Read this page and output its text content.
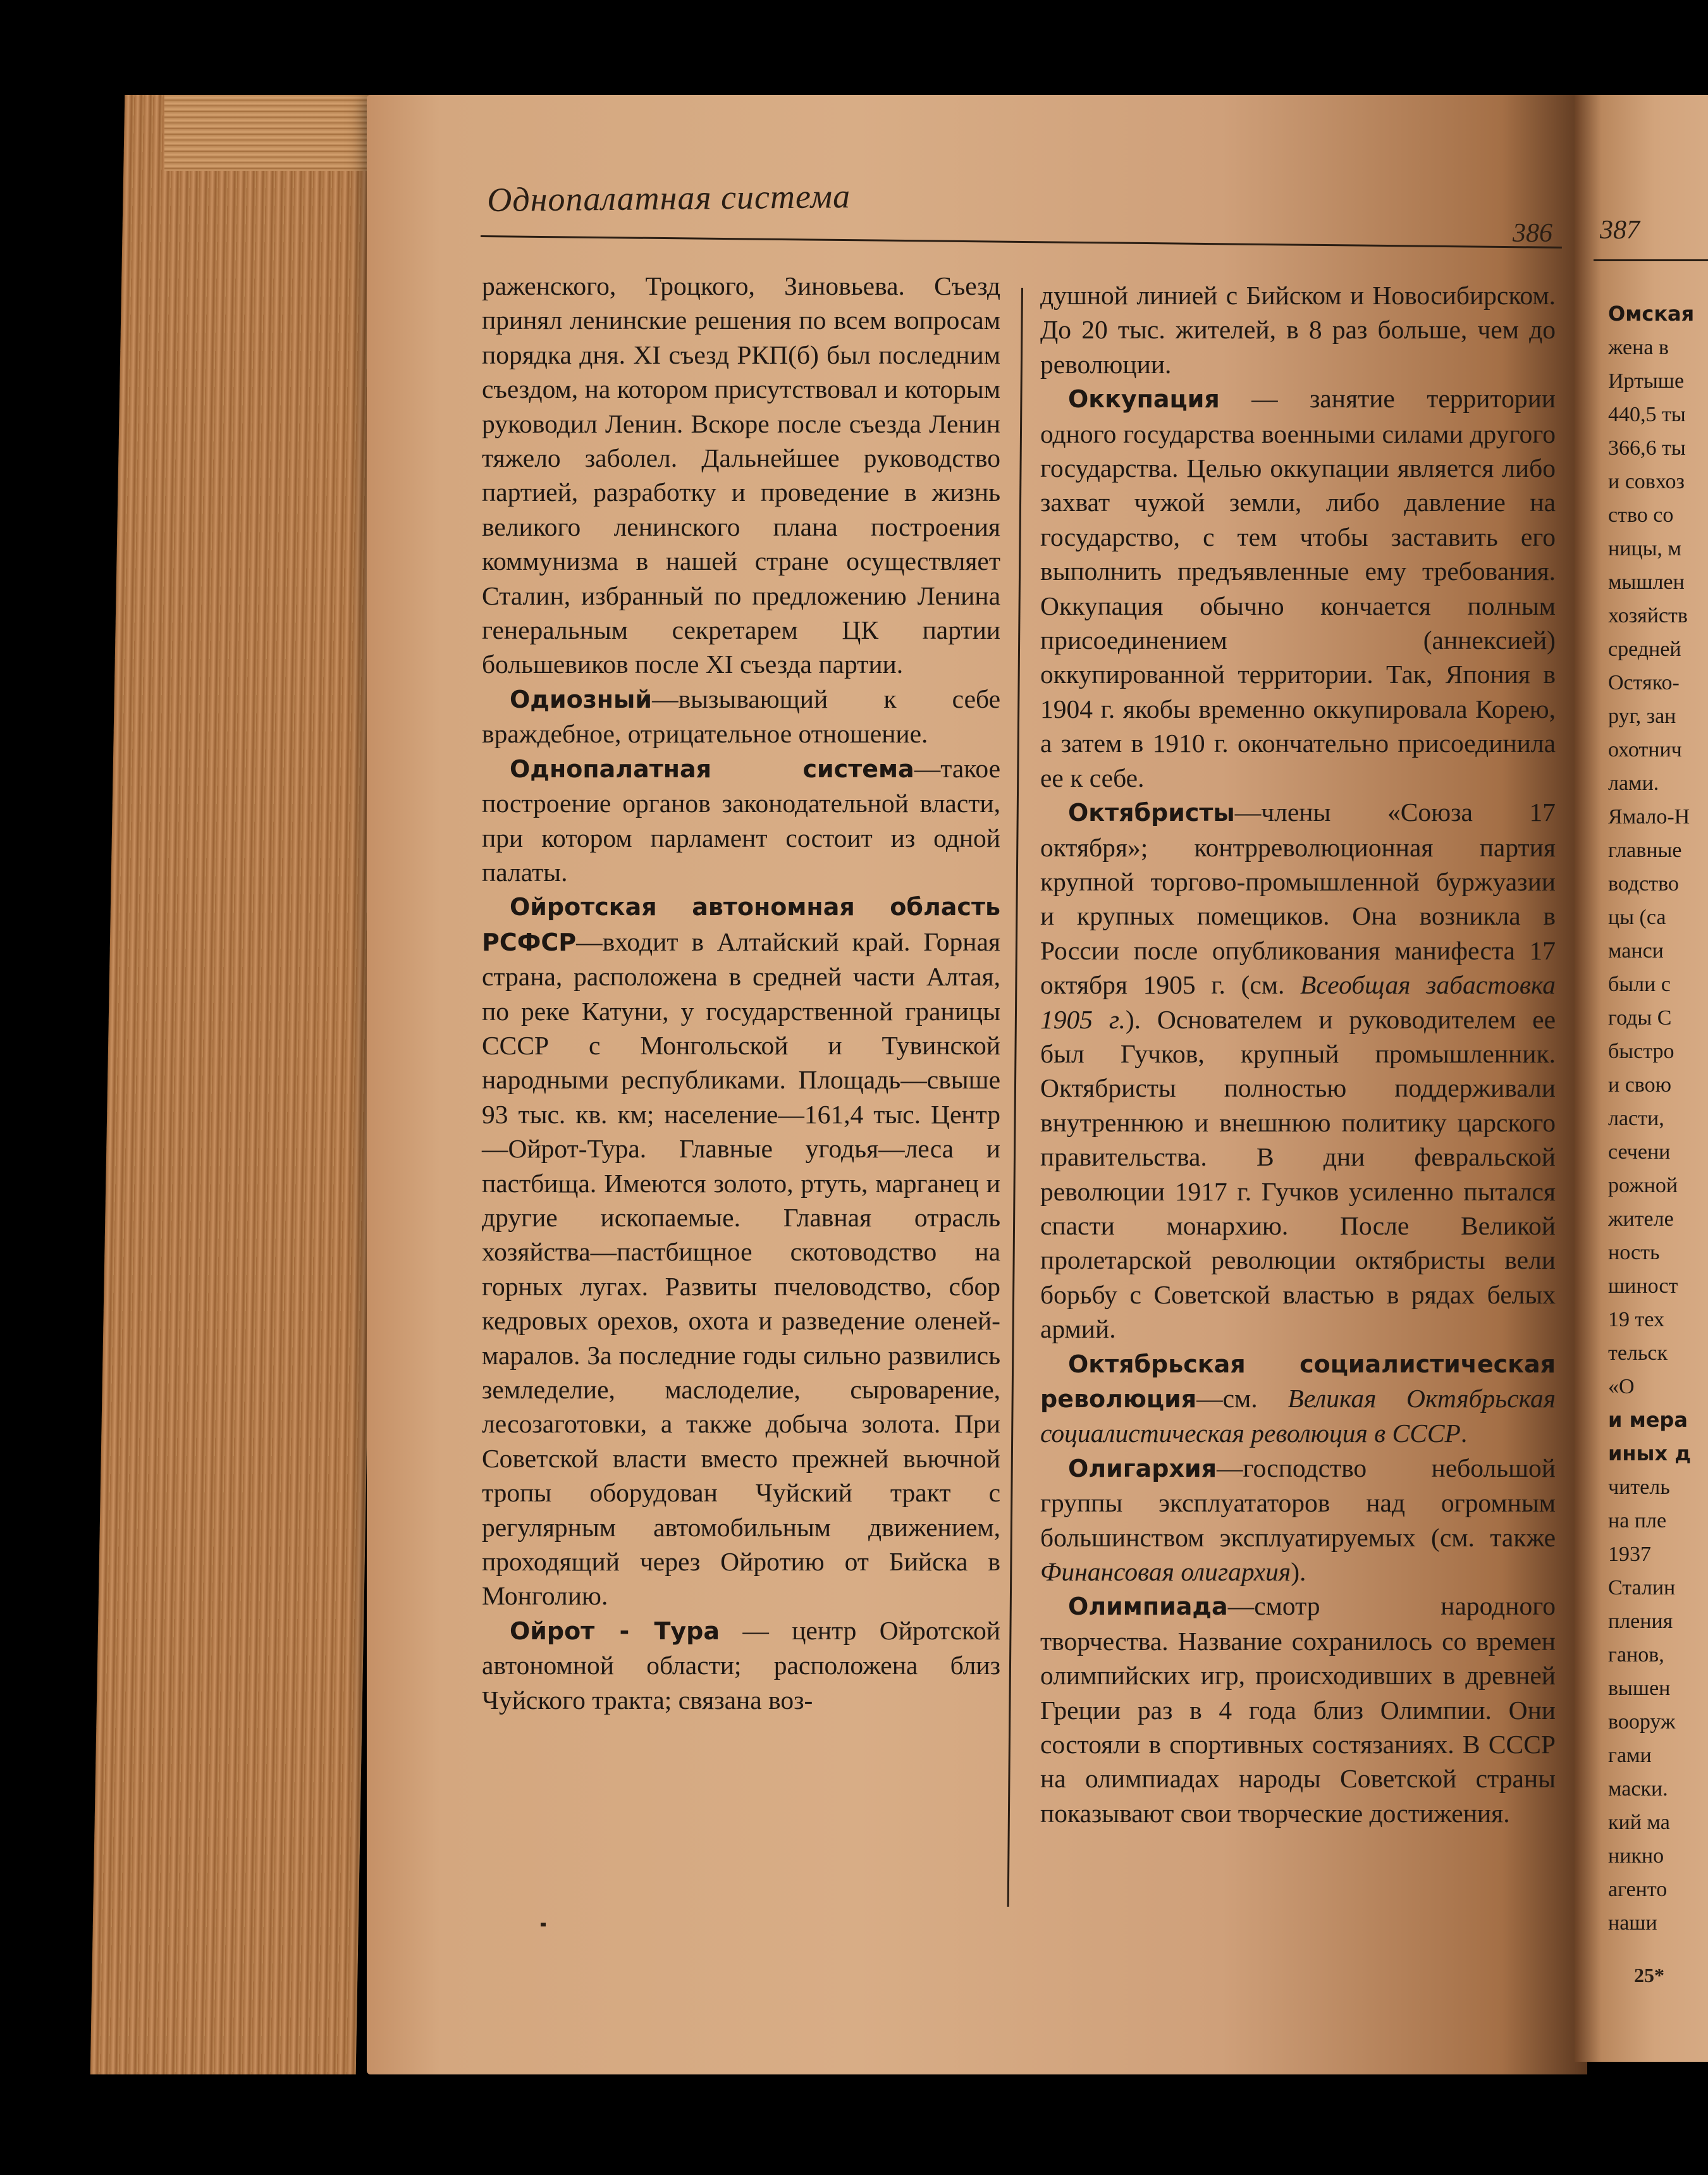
Однопалатная система
386 387

раженского, Троцкого, Зиновьева. Съезд принял ленинские решения по всем вопросам порядка дня. XI съезд РКП(б) был последним съездом, на котором присутствовал и которым руководил Ленин. Вскоре после съезда Ленин тяжело заболел. Дальнейшее руководство партией, разработку и проведение в жизнь великого ленинского плана построения коммунизма в нашей стране осуществляет Сталин, избранный по предложению Ленина генеральным секретарем ЦК партии большевиков после XI съезда партии.

Одиозный—вызывающий к себе враждебное, отрицательное отношение.

Однопалатная система—такое построение органов законодательной власти, при котором парламент состоит из одной палаты.

Ойротская автономная область РСФСР—входит в Алтайский край. Горная страна, расположена в средней части Алтая, по реке Катуни, у государственной границы СССР с Монгольской и Тувинской народными республиками. Площадь—свыше 93 тыс. кв. км; население—161,4 тыс. Центр—Ойрот-Тура. Главные угодья—леса и пастбища. Имеются золото, ртуть, марганец и другие ископаемые. Главная отрасль хозяйства—пастбищное скотоводство на горных лугах. Развиты пчеловодство, сбор кедровых орехов, охота и разведение оленей-маралов. За последние годы сильно развились земледелие, маслоделие, сыроварение, лесозаготовки, а также добыча золота. При Советской власти вместо прежней вьючной тропы оборудован Чуйский тракт с регулярным автомобильным движением, проходящий через Ойротию от Бийска в Монголию.

Ойрот - Тура — центр Ойротской автономной области; расположена близ Чуйского тракта; связана воз-

душной линией с Бийском и Новосибирском. До 20 тыс. жителей, в 8 раз больше, чем до революции.

Оккупация — занятие территории одного государства военными силами другого государства. Целью оккупации является либо захват чужой земли, либо давление на государство, с тем чтобы заставить его выполнить предъявленные ему требования. Оккупация обычно кончается полным присоединением (аннексией) оккупированной территории. Так, Япония в 1904 г. якобы временно оккупировала Корею, а затем в 1910 г. окончательно присоединила ее к себе.

Октябристы—члены «Союза 17 октября»; контрреволюционная партия крупной торгово-промышленной буржуазии и крупных помещиков. Она возникла в России после опубликования манифеста 17 октября 1905 г. (см. Всеобщая забастовка 1905 г.). Основателем и руководителем ее был Гучков, крупный промышленник. Октябристы полностью поддерживали внутреннюю и внешнюю политику царского правительства. В дни февральской революции 1917 г. Гучков усиленно пытался спасти монархию. После Великой пролетарской революции октябристы вели борьбу с Советской властью в рядах белых армий.

Октябрьская социалистическая революция—см. Великая Октябрьская социалистическая революция в СССР.

Олигархия—господство небольшой группы эксплуататоров над огромным большинством эксплуатируемых (см. также Финансовая олигархия).

Олимпиада—смотр народного творчества. Название сохранилось со времен олимпийских игр, происходивших в древней Греции раз в 4 года близ Олимпии. Они состояли в спортивных состязаниях. В СССР на олимпиадах народы Советской страны показывают свои творческие достижения.

Омская
жена в
Иртыше
440,5 ты
366,6 ты
и совхоз
ство со
ницы, м
мышлен
хозяйств
средней
Остяко-
руг, зан
охотнич
лами.
Ямало-Н
главные
водство
цы (са
манси
были с
годы С
быстро
и свою
ласти,
сечени
рожной
жителе
ность
шиност
19 тех
тельск
«О
и мера
иных д
читель
на пле
1937
Сталин
пления
ганов,
вышен
вооруж
гами
маски.
кий ма
никно
агенто
наши
25*
